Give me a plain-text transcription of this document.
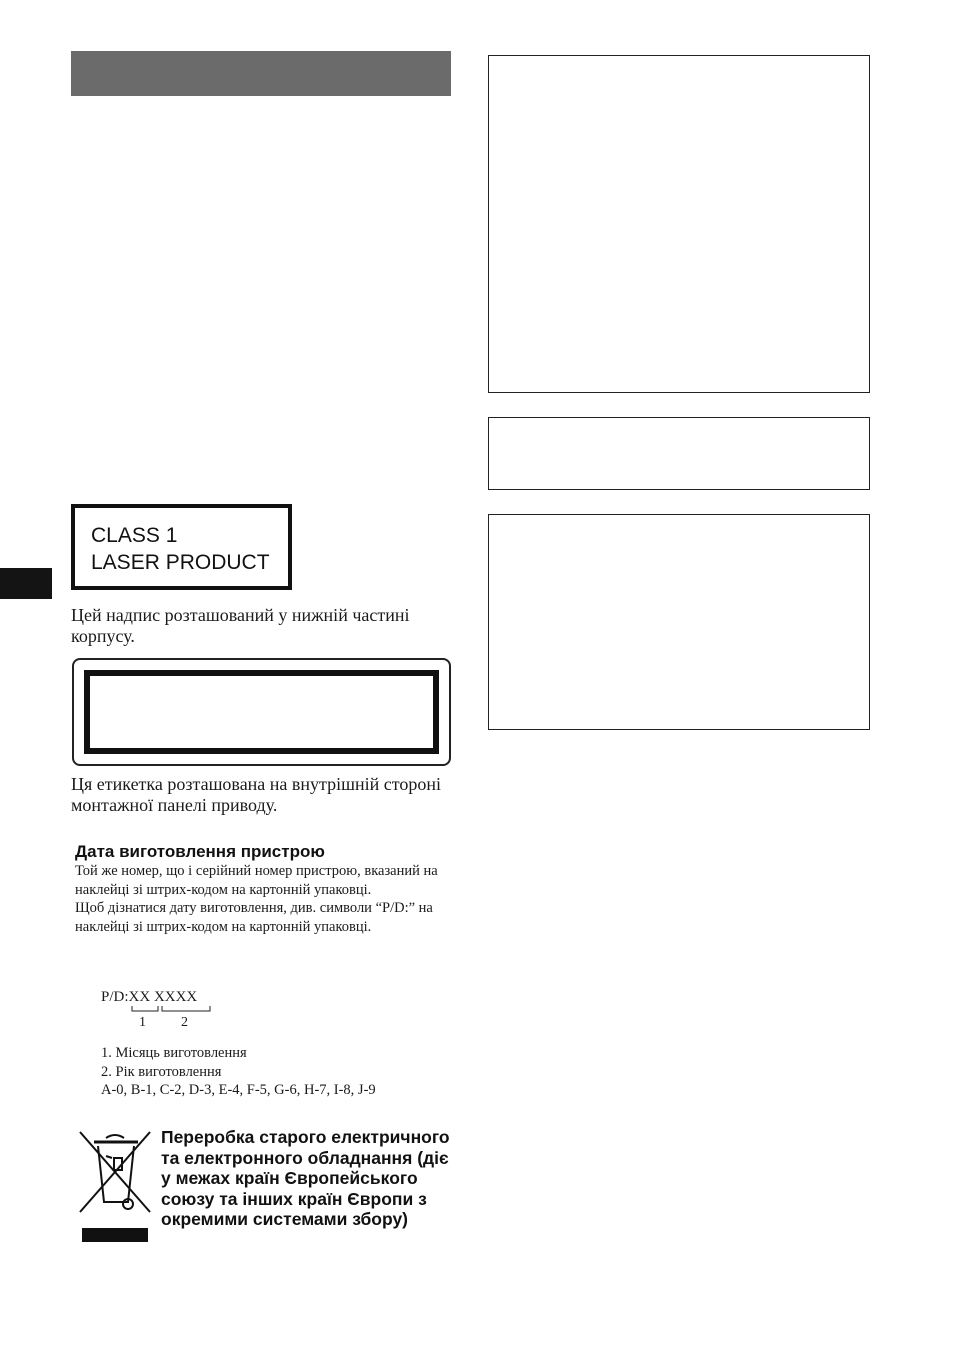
CLASS 1
LASER PRODUCT
Цей надпис розташований у нижній частині корпусу.
Ця етикетка розташована на внутрішній стороні монтажної панелі приводу.
Дата виготовлення пристрою
Той же номер, що і серійний номер пристрою, вказаний на наклейці зі штрих-кодом на картонній упаковці.
Щоб дізнатися дату виготовлення, див. символи “P/D:” на наклейці зі штрих-кодом на картонній упаковці.
P/D:XX XXXX
1	2
1. Місяць виготовлення
2. Рік виготовлення
A-0, B-1, C-2, D-3, E-4, F-5, G-6, H-7, I-8, J-9
Переробка старого електричного та електронного обладнання (діє у межах країн Європейського союзу та інших країн Європи з окремими системами збору)
